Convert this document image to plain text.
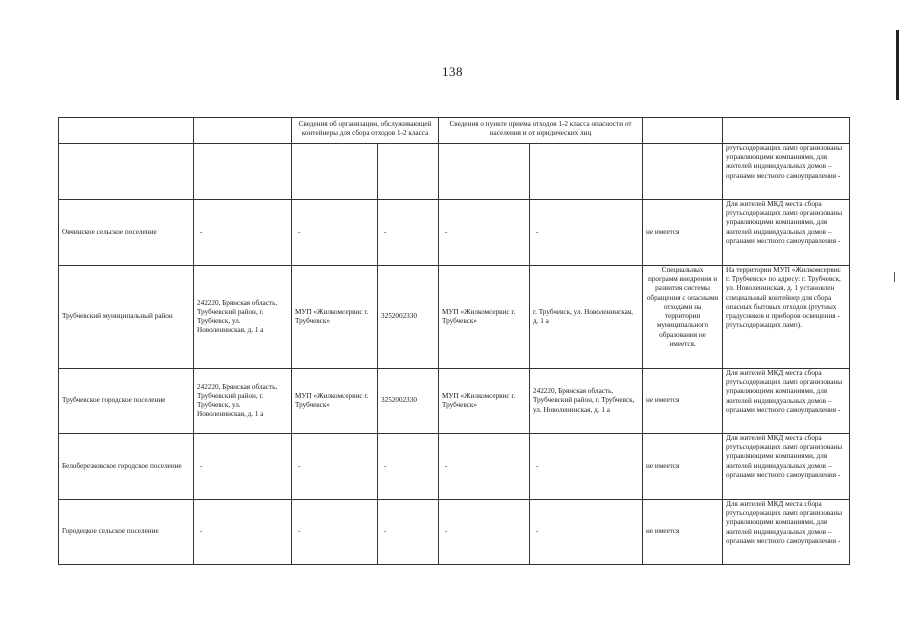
138
		Сведения об организации, обслуживающей контейнеры для сбора отходов 1-2 класса		Сведения о пункте приема отходов 1-2 класса опасности от населения и от юридических лиц			
							ртутьсодержащих ламп организованы управляющими компаниями, для жителей индивидуальных домов – органами местного самоуправления -
Овчинское сельское поселение	-	-	-	-	-	не имеется	Для жителей МКД места сбора ртутьсодержащих ламп организованы управляющими компаниями, для жителей индивидуальных домов – органами местного самоуправления -
Трубчевский муниципальный район	242220, Брянская область, Трубчевский район, г. Трубчевск, ул. Новоленинская, д. 1 а	МУП «Жилкомсервис г. Трубчевск»	3252002330	МУП «Жилкомсервис г. Трубчевск»	г. Трубчевск, ул. Новоленинская, д. 1 а	Специальных программ внедрения и развития системы обращения с опасными отходами на территории муниципального образования не имеется.	На территории МУП «Жилкомсервис г. Трубчевск» по адресу: г. Трубчевск, ул. Новоленинская, д. 1 установлен специальный контейнер для сбора опасных бытовых отходов (ртутных градусников и приборов освещения - ртутьсодержащих ламп).
Трубчевское городское поселение	242220, Брянская область, Трубчевский район, г. Трубчевск, ул. Новоленинская, д. 1 а	МУП «Жилкомсервис г. Трубчевск»	3252002330	МУП «Жилкомсервис г. Трубчевск»	242220, Брянская область, Трубчевский район, г. Трубчевск, ул. Новоленинская, д. 1 а	не имеется	Для жителей МКД места сбора ртутьсодержащих ламп организованы управляющими компаниями, для жителей индивидуальных домов – органами местного самоуправления -
Белоберезковское городское поселение	-	-	-	-	-	не имеется	Для жителей МКД места сбора ртутьсодержащих ламп организованы управляющими компаниями, для жителей индивидуальных домов – органами местного самоуправления -
Городецкое сельское поселение	-	-	-	-	-	не имеется	Для жителей МКД места сбора ртутьсодержащих ламп организованы управляющими компаниями, для жителей индивидуальных домов – органами местного самоуправления -
